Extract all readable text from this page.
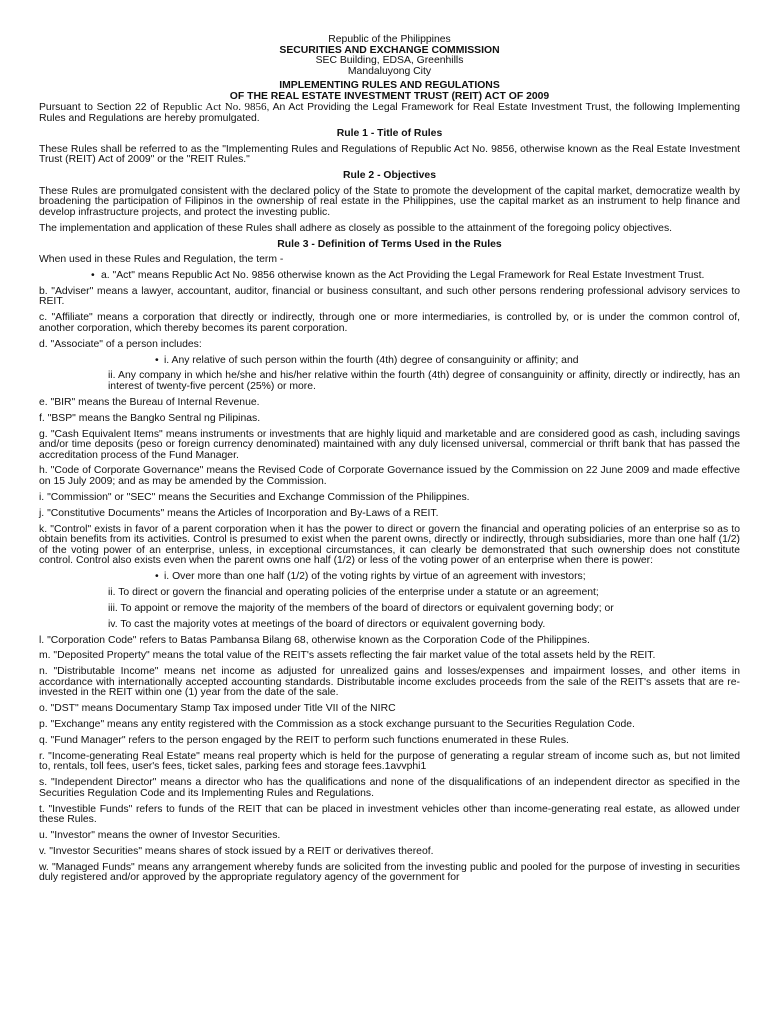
Republic of the Philippines
SECURITIES AND EXCHANGE COMMISSION
SEC Building, EDSA, Greenhills
Mandaluyong City
IMPLEMENTING RULES AND REGULATIONS
OF THE REAL ESTATE INVESTMENT TRUST (REIT) ACT OF 2009

Pursuant to Section 22 of Republic Act No. 9856, An Act Providing the Legal Framework for Real Estate Investment Trust, the following Implementing Rules and Regulations are hereby promulgated.

Rule 1 - Title of Rules

These Rules shall be referred to as the "Implementing Rules and Regulations of Republic Act No. 9856, otherwise known as the Real Estate Investment Trust (REIT) Act of 2009" or the "REIT Rules."

Rule 2 - Objectives

These Rules are promulgated consistent with the declared policy of the State to promote the development of the capital market, democratize wealth by broadening the participation of Filipinos in the ownership of real estate in the Philippines, use the capital market as an instrument to help finance and develop infrastructure projects, and protect the investing public.

The implementation and application of these Rules shall adhere as closely as possible to the attainment of the foregoing policy objectives.

Rule 3 - Definition of Terms Used in the Rules

When used in these Rules and Regulation, the term -

• a. "Act" means Republic Act No. 9856 otherwise known as the Act Providing the Legal Framework for Real Estate Investment Trust.

b. "Adviser" means a lawyer, accountant, auditor, financial or business consultant, and such other persons rendering professional advisory services to REIT.

c. "Affiliate" means a corporation that directly or indirectly, through one or more intermediaries, is controlled by, or is under the common control of, another corporation, which thereby becomes its parent corporation.

d. "Associate" of a person includes:

• i. Any relative of such person within the fourth (4th) degree of consanguinity or affinity; and

ii. Any company in which he/she and his/her relative within the fourth (4th) degree of consanguinity or affinity, directly or indirectly, has an interest of twenty-five percent (25%) or more.

e. "BIR" means the Bureau of Internal Revenue.

f. "BSP" means the Bangko Sentral ng Pilipinas.

g. "Cash Equivalent Items" means instruments or investments that are highly liquid and marketable and are considered good as cash, including savings and/or time deposits (peso or foreign currency denominated) maintained with any duly licensed universal, commercial or thrift bank that has passed the accreditation process of the Fund Manager.

h. "Code of Corporate Governance" means the Revised Code of Corporate Governance issued by the Commission on 22 June 2009 and made effective on 15 July 2009; and as may be amended by the Commission.

i. "Commission" or "SEC" means the Securities and Exchange Commission of the Philippines.

j. "Constitutive Documents" means the Articles of Incorporation and By-Laws of a REIT.

k. "Control" exists in favor of a parent corporation when it has the power to direct or govern the financial and operating policies of an enterprise so as to obtain benefits from its activities. Control is presumed to exist when the parent owns, directly or indirectly, through subsidiaries, more than one half (1/2) of the voting power of an enterprise, unless, in exceptional circumstances, it can clearly be demonstrated that such ownership does not constitute control. Control also exists even when the parent owns one half (1/2) or less of the voting power of an enterprise when there is power:

• i. Over more than one half (1/2) of the voting rights by virtue of an agreement with investors;

ii. To direct or govern the financial and operating policies of the enterprise under a statute or an agreement;

iii. To appoint or remove the majority of the members of the board of directors or equivalent governing body; or

iv. To cast the majority votes at meetings of the board of directors or equivalent governing body.

l. "Corporation Code" refers to Batas Pambansa Bilang 68, otherwise known as the Corporation Code of the Philippines.

m. "Deposited Property" means the total value of the REIT's assets reflecting the fair market value of the total assets held by the REIT.

n. "Distributable Income" means net income as adjusted for unrealized gains and losses/expenses and impairment losses, and other items in accordance with internationally accepted accounting standards. Distributable income excludes proceeds from the sale of the REIT's assets that are re-invested in the REIT within one (1) year from the date of the sale.

o. "DST" means Documentary Stamp Tax imposed under Title VII of the NIRC

p. "Exchange" means any entity registered with the Commission as a stock exchange pursuant to the Securities Regulation Code.

q. "Fund Manager" refers to the person engaged by the REIT to perform such functions enumerated in these Rules.

r. "Income-generating Real Estate" means real property which is held for the purpose of generating a regular stream of income such as, but not limited to, rentals, toll fees, user's fees, ticket sales, parking fees and storage fees.1avvphi1

s. "Independent Director" means a director who has the qualifications and none of the disqualifications of an independent director as specified in the Securities Regulation Code and its Implementing Rules and Regulations.

t. "Investible Funds" refers to funds of the REIT that can be placed in investment vehicles other than income-generating real estate, as allowed under these Rules.

u. "Investor" means the owner of Investor Securities.

v. "Investor Securities" means shares of stock issued by a REIT or derivatives thereof.

w. "Managed Funds" means any arrangement whereby funds are solicited from the investing public and pooled for the purpose of investing in securities duly registered and/or approved by the appropriate regulatory agency of the government for
